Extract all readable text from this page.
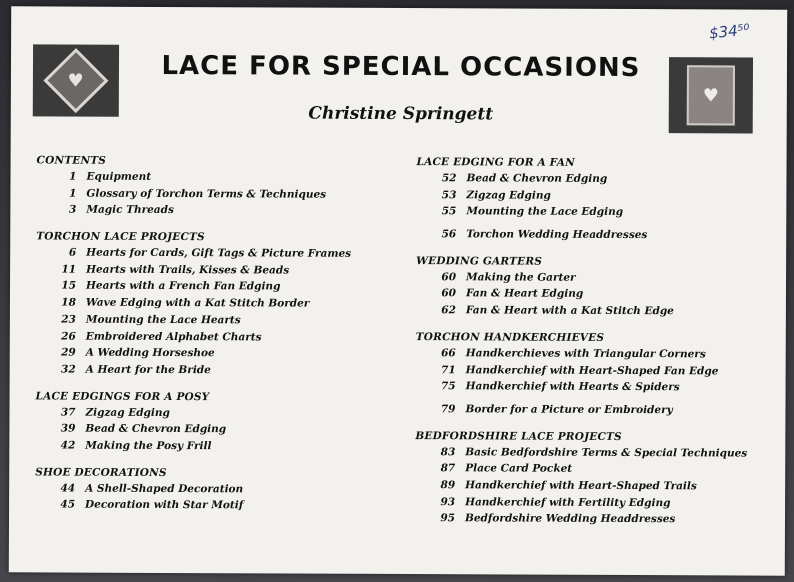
♥
♥
$34⁵⁰
LACE FOR SPECIAL OCCASIONS
Christine Springett
CONTENTS
1 Equipment
1 Glossary of Torchon Terms & Techniques
3 Magic Threads
TORCHON LACE PROJECTS
6 Hearts for Cards, Gift Tags & Picture Frames
11 Hearts with Trails, Kisses & Beads
15 Hearts with a French Fan Edging
18 Wave Edging with a Kat Stitch Border
23 Mounting the Lace Hearts
26 Embroidered Alphabet Charts
29 A Wedding Horseshoe
32 A Heart for the Bride
LACE EDGINGS FOR A POSY
37 Zigzag Edging
39 Bead & Chevron Edging
42 Making the Posy Frill
SHOE DECORATIONS
44 A Shell-Shaped Decoration
45 Decoration with Star Motif
LACE EDGING FOR A FAN
52 Bead & Chevron Edging
53 Zigzag Edging
55 Mounting the Lace Edging
56 Torchon Wedding Headdresses
WEDDING GARTERS
60 Making the Garter
60 Fan & Heart Edging
62 Fan & Heart with a Kat Stitch Edge
TORCHON HANDKERCHIEVES
66 Handkerchieves with Triangular Corners
71 Handkerchief with Heart-Shaped Fan Edge
75 Handkerchief with Hearts & Spiders
79 Border for a Picture or Embroidery
BEDFORDSHIRE LACE PROJECTS
83 Basic Bedfordshire Terms & Special Techniques
87 Place Card Pocket
89 Handkerchief with Heart-Shaped Trails
93 Handkerchief with Fertility Edging
95 Bedfordshire Wedding Headdresses
